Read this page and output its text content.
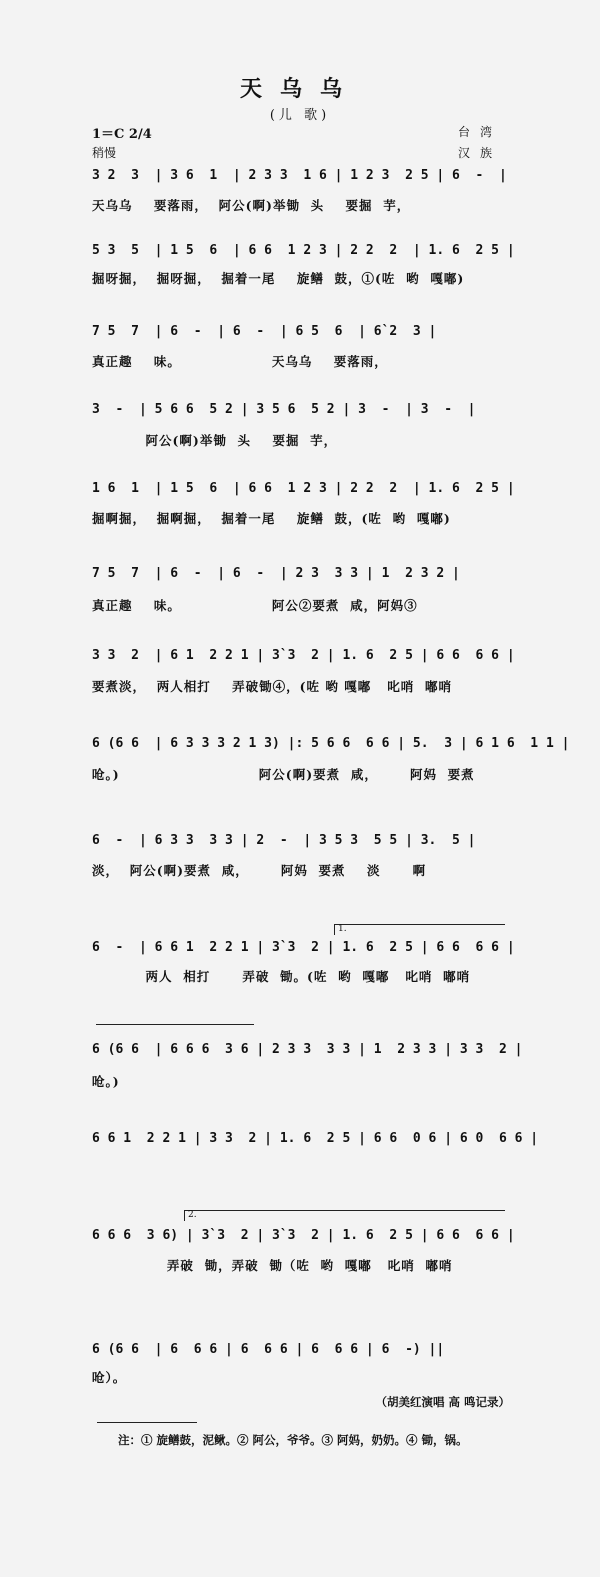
天乌乌
(儿 歌)
1＝C 2/4
稍慢
台湾
汉族
3 2  3  | 3 6  1  | 2 3 3  1 6 | 1 2 3  2 5 | 6  -  |
天乌乌    要落雨，  阿公(啊)举锄  头    要掘  芋，
5 3  5  | 1 5  6  | 6 6  1 2 3 | 2 2  2  | 1. 6  2 5 |
掘呀掘，  掘呀掘，  掘着一尾    旋鳝  鼓，①(咗  哟  嘎嘟)
7 5  7  | 6  -  | 6  -  | 6 5  6  | 6`2  3 |
真正趣    味。                 天乌乌    要落雨，
3  -  | 5 6 6  5 2 | 3 5 6  5 2 | 3  -  | 3  -  |
阿公(啊)举锄  头    要掘  芋，
1 6  1  | 1 5  6  | 6 6  1 2 3 | 2 2  2  | 1. 6  2 5 |
掘啊掘，  掘啊掘，  掘着一尾    旋鳝  鼓，(咗  哟  嘎嘟)
7 5  7  | 6  -  | 6  -  | 2 3  3 3 | 1  2 3 2 |
真正趣    味。                 阿公②要煮  咸，阿妈③
3 3  2  | 6 1  2 2 1 | 3`3  2 | 1. 6  2 5 | 6 6  6 6 |
要煮淡，  两人相打    弄破锄④，(咗 哟 嘎嘟   叱哨  嘟哨
6 (6 6  | 6 3 3 3 2 1 3) |: 5 6 6  6 6 | 5.  3 | 6 1 6  1 1 |
呛。)                          阿公(啊)要煮  咸，      阿妈  要煮
6  -  | 6 3 3  3 3 | 2  -  | 3 5 3  5 5 | 3.  5 |
淡，  阿公(啊)要煮  咸，      阿妈  要煮    淡      啊
1.
6  -  | 6 6 1  2 2 1 | 3`3  2 | 1. 6  2 5 | 6 6  6 6 |
两人  相打      弄破  锄。(咗  哟  嘎嘟   叱哨  嘟哨
6 (6 6  | 6 6 6  3 6 | 2 3 3  3 3 | 1  2 3 3 | 3 3  2 |
呛。)
6 6 1  2 2 1 | 3 3  2 | 1. 6  2 5 | 6 6  0 6 | 6 0  6 6 |
2.
6 6 6  3 6) | 3`3  2 | 3`3  2 | 1. 6  2 5 | 6 6  6 6 |
弄破  锄，弄破  锄（咗  哟  嘎嘟   叱哨  嘟哨
6 (6 6  | 6  6 6 | 6  6 6 | 6  6 6 | 6  -) ||
呛）。
（胡美红演唱 高 鸣记录）
注：① 旋鳝鼓，泥鳅。② 阿公，爷爷。③ 阿妈，奶奶。④ 锄，锅。
